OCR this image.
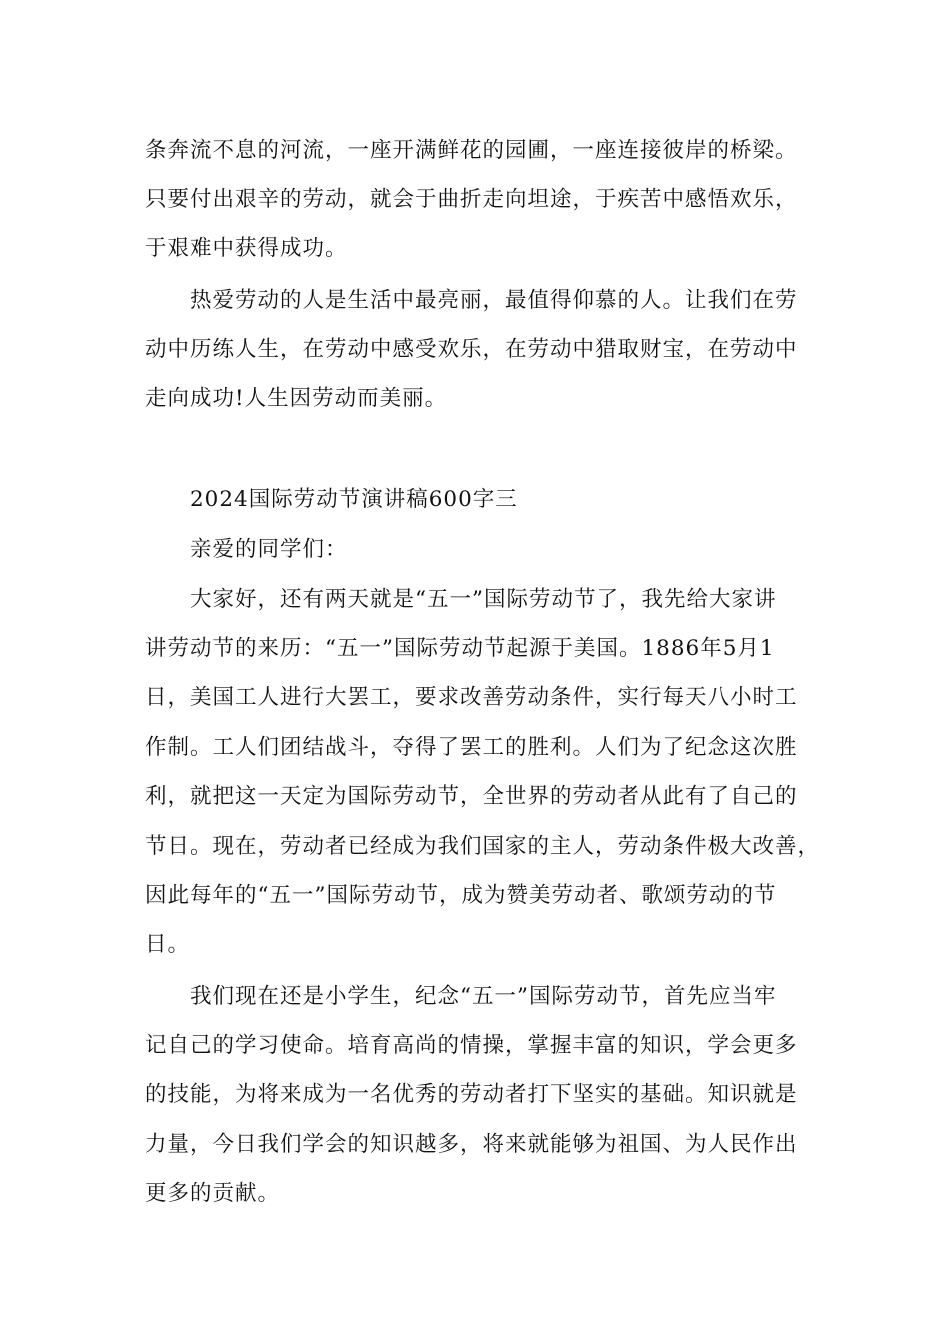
条奔流不息的河流，一座开满鲜花的园圃，一座连接彼岸的桥梁。
只要付出艰辛的劳动，就会于曲折走向坦途，于疾苦中感悟欢乐，
于艰难中获得成功。
热爱劳动的人是生活中最亮丽，最值得仰慕的人。让我们在劳
动中历练人生，在劳动中感受欢乐，在劳动中猎取财宝，在劳动中
走向成功!人生因劳动而美丽。
2024国际劳动节演讲稿600字三
亲爱的同学们：
大家好，还有两天就是“五一”国际劳动节了，我先给大家讲
讲劳动节的来历：“五一”国际劳动节起源于美国。1886年5月1
日，美国工人进行大罢工，要求改善劳动条件，实行每天八小时工
作制。工人们团结战斗，夺得了罢工的胜利。人们为了纪念这次胜
利，就把这一天定为国际劳动节，全世界的劳动者从此有了自己的
节日。现在，劳动者已经成为我们国家的主人，劳动条件极大改善，
因此每年的“五一”国际劳动节，成为赞美劳动者、歌颂劳动的节
日。
我们现在还是小学生，纪念“五一”国际劳动节，首先应当牢
记自己的学习使命。培育高尚的情操，掌握丰富的知识，学会更多
的技能，为将来成为一名优秀的劳动者打下坚实的基础。知识就是
力量，今日我们学会的知识越多，将来就能够为祖国、为人民作出
更多的贡献。
